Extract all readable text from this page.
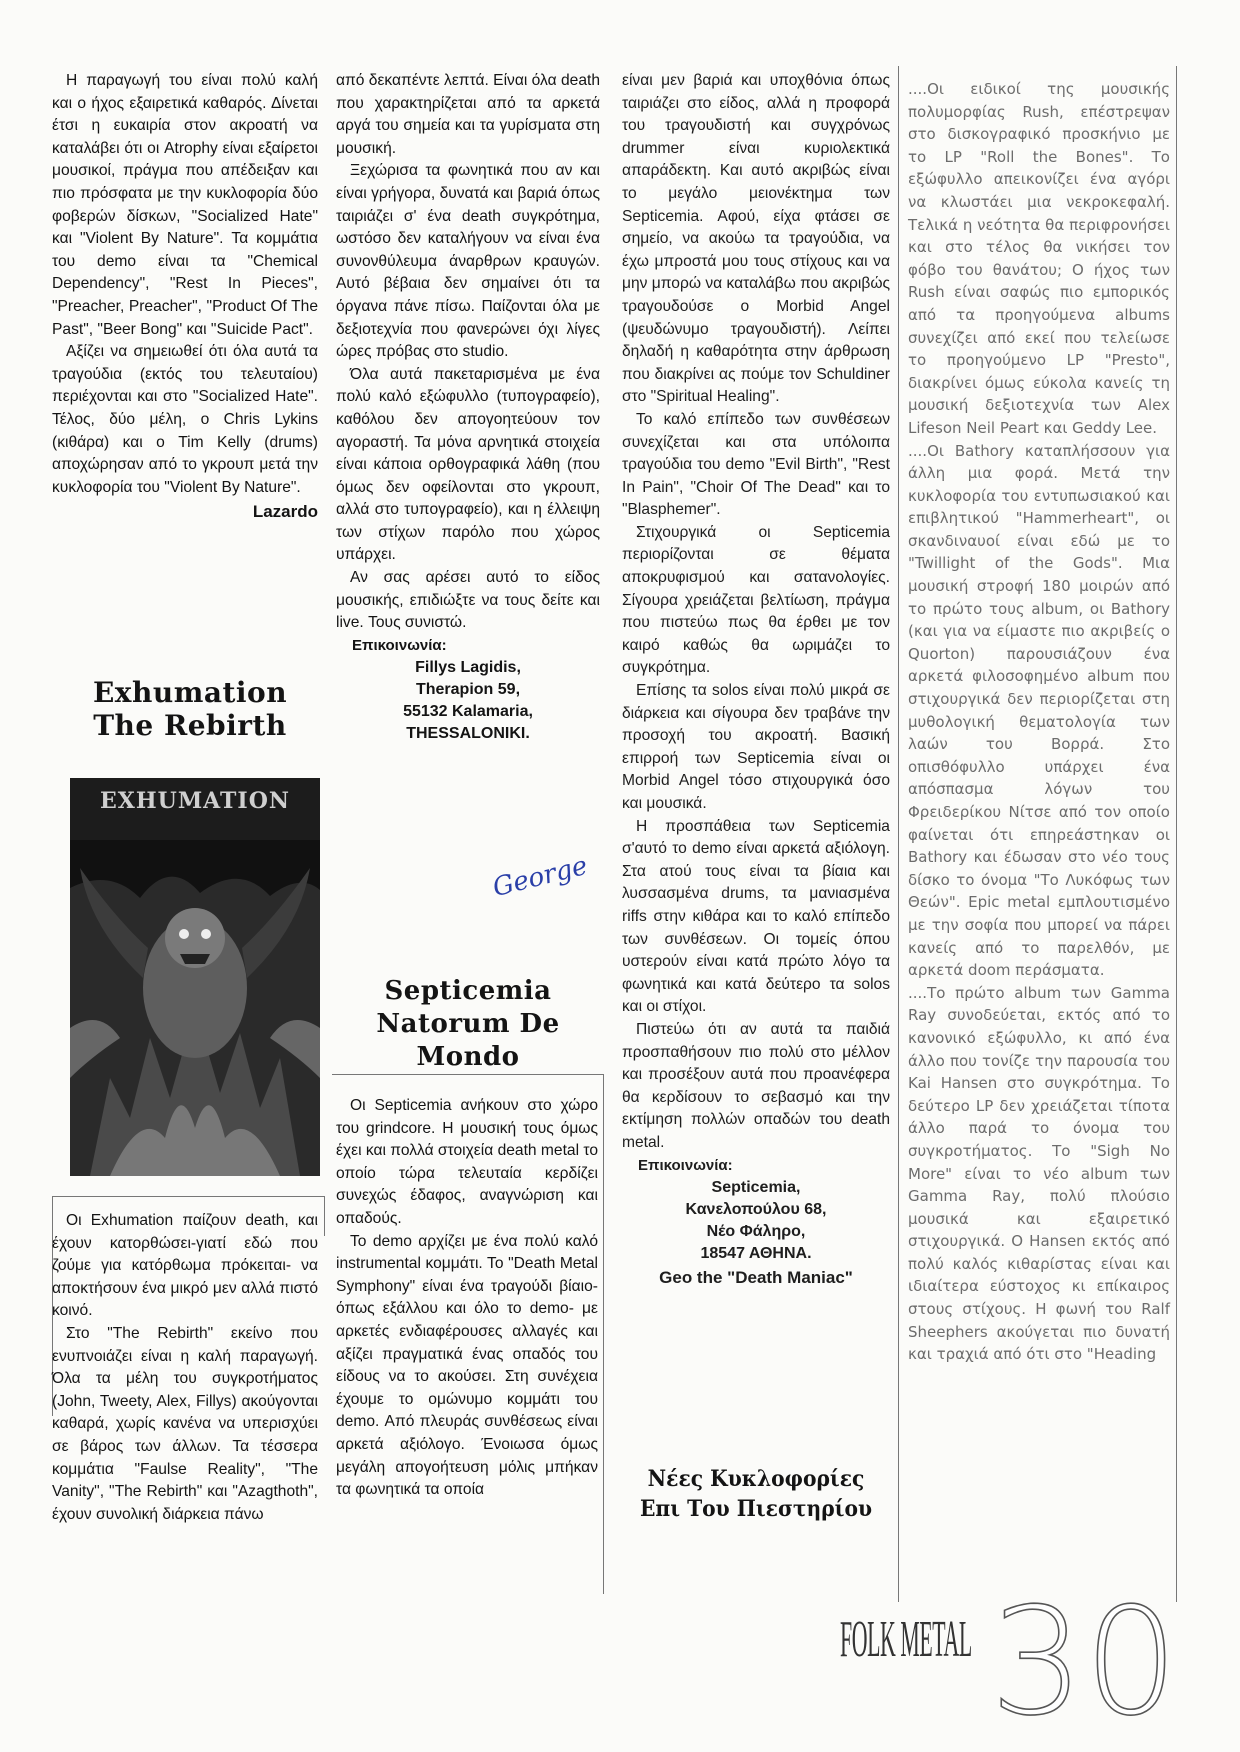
Η παραγωγή του είναι πολύ καλή και ο ήχος εξαιρετικά καθαρός. Δίνεται έτσι η ευκαιρία στον ακροατή να καταλάβει ότι οι Atrophy είναι εξαίρετοι μουσικοί, πράγμα που απέδειξαν και πιο πρόσφατα με την κυκλοφορία δύο φοβερών δίσκων, "Socialized Hate" και "Violent By Nature". Τα κομμάτια του demo είναι τα "Chemical Dependency", "Rest In Pieces", "Preacher, Preacher", "Product Of The Past", "Beer Bong" και "Suicide Pact".

Αξίζει να σημειωθεί ότι όλα αυτά τα τραγούδια (εκτός του τελευταίου) περιέχονται και στο "Socialized Hate". Τέλος, δύο μέλη, ο Chris Lykins (κιθάρα) και ο Tim Kelly (drums) αποχώρησαν από το γκρουπ μετά την κυκλοφορία του "Violent By Nature".

Lazardo
Exhumation
The Rebirth
EXHUMATION

Οι Exhumation παίζουν death, και έχουν κατορθώσει-γιατί εδώ που ζούμε για κατόρθωμα πρόκειται- να αποκτήσουν ένα μικρό μεν αλλά πιστό κοινό.

Στο "The Rebirth" εκείνο που ενυπνοιάζει είναι η καλή παραγωγή. Όλα τα μέλη του συγκροτήματος (John, Tweety, Alex, Fillys) ακούγονται καθαρά, χωρίς κανένα να υπερισχύει σε βάρος των άλλων. Τα τέσσερα κομμάτια "Faulse Reality", "The Vanity", "The Rebirth" και "Azagthoth", έχουν συνολική διάρκεια πάνω

από δεκαπέντε λεπτά. Είναι όλα death που χαρακτηρίζεται από τα αρκετά αργά του σημεία και τα γυρίσματα στη μουσική.

Ξεχώρισα τα φωνητικά που αν και είναι γρήγορα, δυνατά και βαριά όπως ταιριάζει σ' ένα death συγκρότημα, ωστόσο δεν καταλήγουν να είναι ένα συνονθύλευμα άναρθρων κραυγών. Αυτό βέβαια δεν σημαίνει ότι τα όργανα πάνε πίσω. Παίζονται όλα με δεξιοτεχνία που φανερώνει όχι λίγες ώρες πρόβας στο studio.

Όλα αυτά πακεταρισμένα με ένα πολύ καλό εξώφυλλο (τυπογραφείο), καθόλου δεν απογοητεύουν τον αγοραστή. Τα μόνα αρνητικά στοιχεία είναι κάποια ορθογραφικά λάθη (που όμως δεν οφείλονται στο γκρουπ, αλλά στο τυπογραφείο), και η έλλειψη των στίχων παρόλο που χώρος υπάρχει.

Αν σας αρέσει αυτό το είδος μουσικής, επιδιώξτε να τους δείτε και live. Τους συνιστώ.

Επικοινωνία:
Fillys Lagidis,
Therapion 59,
55132 Kalamaria,
THESSALONIKI.
George
Septicemia
Natorum De Mondo

Οι Septicemia ανήκουν στο χώρο του grindcore. Η μουσική τους όμως έχει και πολλά στοιχεία death metal το οποίο τώρα τελευταία κερδίζει συνεχώς έδαφος, αναγνώριση και οπαδούς.

Το demo αρχίζει με ένα πολύ καλό instrumental κομμάτι. Το "Death Metal Symphony" είναι ένα τραγούδι βίαιο- όπως εξάλλου και όλο το demo- με αρκετές ενδιαφέρουσες αλλαγές και αξίζει πραγματικά ένας οπαδός του είδους να το ακούσει. Στη συνέχεια έχουμε το ομώνυμο κομμάτι του demo. Από πλευράς συνθέσεως είναι αρκετά αξιόλογο. Ένοιωσα όμως μεγάλη απογοήτευση μόλις μπήκαν τα φωνητικά τα οποία

είναι μεν βαριά και υποχθόνια όπως ταιριάζει στο είδος, αλλά η προφορά του τραγουδιστή και συγχρόνως drummer είναι κυριολεκτικά απαράδεκτη. Και αυτό ακριβώς είναι το μεγάλο μειονέκτημα των Septicemia. Αφού, είχα φτάσει σε σημείο, να ακούω τα τραγούδια, να έχω μπροστά μου τους στίχους και να μην μπορώ να καταλάβω που ακριβώς τραγουδούσε ο Morbid Angel (ψευδώνυμο τραγουδιστή). Λείπει δηλαδή η καθαρότητα στην άρθρωση που διακρίνει ας πούμε τον Schuldiner στο "Spiritual Healing".

Το καλό επίπεδο των συνθέσεων συνεχίζεται και στα υπόλοιπα τραγούδια του demo "Evil Birth", "Rest In Pain", "Choir Of The Dead" και το "Blasphemer".

Στιχουργικά οι Septicemia περιορίζονται σε θέματα αποκρυφισμού και σατανολογίες. Σίγουρα χρειάζεται βελτίωση, πράγμα που πιστεύω πως θα έρθει με τον καιρό καθώς θα ωριμάζει το συγκρότημα.

Επίσης τα solos είναι πολύ μικρά σε διάρκεια και σίγουρα δεν τραβάνε την προσοχή του ακροατή. Βασική επιρροή των Septicemia είναι οι Morbid Angel τόσο στιχουργικά όσο και μουσικά.

Η προσπάθεια των Septicemia σ'αυτό το demo είναι αρκετά αξιόλογη. Στα ατού τους είναι τα βίαια και λυσσασμένα drums, τα μανιασμένα riffs στην κιθάρα και το καλό επίπεδο των συνθέσεων. Οι τομείς όπου υστερούν είναι κατά πρώτο λόγο τα φωνητικά και κατά δεύτερο τα solos και οι στίχοι.

Πιστεύω ότι αν αυτά τα παιδιά προσπαθήσουν πιο πολύ στο μέλλον και προσέξουν αυτά που προανέφερα θα κερδίσουν το σεβασμό και την εκτίμηση πολλών οπαδών του death metal.

Επικοινωνία:
Septicemia,
Κανελοπούλου 68,
Νέο Φάληρο,
18547 ΑΘΗΝΑ.
Geo the "Death Maniac"
Νέες Κυκλοφορίες
Επι Του Πιεστηρίου

....Οι ειδικοί της μουσικής πολυμορφίας Rush, επέστρεψαν στο δισκογραφικό προσκήνιο με το LP "Roll the Bones". Το εξώφυλλο απεικονίζει ένα αγόρι να κλωστάει μια νεκροκεφαλή. Τελικά η νεότητα θα περιφρονήσει και στο τέλος θα νικήσει τον φόβο του θανάτου; Ο ήχος των Rush είναι σαφώς πιο εμπορικός από τα προηγούμενα albums συνεχίζει από εκεί που τελείωσε το προηγούμενο LP "Presto", διακρίνει όμως εύκολα κανείς τη μουσική δεξιοτεχνία των Alex Lifeson Neil Peart και Geddy Lee.

....Οι Bathory καταπλήσσουν για άλλη μια φορά. Μετά την κυκλοφορία του εντυπωσιακού και επιβλητικού "Hammerheart", οι σκανδιναυοί είναι εδώ με το "Twillight of the Gods". Μια μουσική στροφή 180 μοιρών από το πρώτο τους album, οι Bathory (και για να είμαστε πιο ακριβείς ο Quorton) παρουσιάζουν ένα αρκετά φιλοσοφημένο album που στιχουργικά δεν περιορίζεται στη μυθολογική θεματολογία των λαών του Βορρά. Στο οπισθόφυλλο υπάρχει ένα απόσπασμα λόγων του Φρειδερίκου Νίτσε από τον οποίο φαίνεται ότι επηρεάστηκαν οι Bathory και έδωσαν στο νέο τους δίσκο το όνομα "Το Λυκόφως των Θεών". Epic metal εμπλουτισμένο με την σοφία που μπορεί να πάρει κανείς από το παρελθόν, με αρκετά doom περάσματα.

....Το πρώτο album των Gamma Ray συνοδεύεται, εκτός από το κανονικό εξώφυλλο, κι από ένα άλλο που τονίζε την παρουσία του Kai Hansen στο συγκρότημα. Το δεύτερο LP δεν χρειάζεται τίποτα άλλο παρά το όνομα του συγκροτήματος. Το "Sigh No More" είναι το νέο album των Gamma Ray, πολύ πλούσιο μουσικά και εξαιρετικό στιχουργικά. Ο Hansen εκτός από πολύ καλός κιθαρίστας είναι και ιδιαίτερα εύστοχος κι επίκαιρος στους στίχους. Η φωνή του Ralf Sheephers ακούγεται πιο δυνατή και τραχιά από ότι στο "Heading

FOLK METAL 30
